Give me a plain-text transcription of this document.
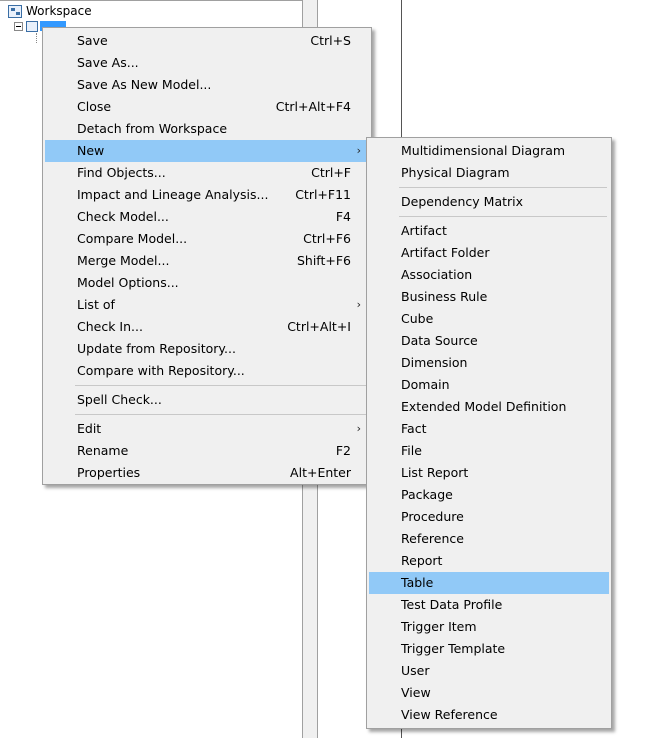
Workspace
Save	Ctrl+S
Save As...
Save As New Model...
Close	Ctrl+Alt+F4
Detach from Workspace
New	›
Find Objects...	Ctrl+F
Impact and Lineage Analysis... Ctrl+F11
Check Model...	F4
Compare Model...	Ctrl+F6
Merge Model...	Shift+F6
Model Options...
List of	›
Check In...	Ctrl+Alt+I
Update from Repository...
Compare with Repository...
Spell Check...
Edit	›
Rename	F2
Properties	Alt+Enter
Multidimensional Diagram
Physical Diagram
Dependency Matrix
Artifact
Artifact Folder
Association
Business Rule
Cube
Data Source
Dimension
Domain
Extended Model Definition
Fact
File
List Report
Package
Procedure
Reference
Report
Table
Test Data Profile
Trigger Item
Trigger Template
User
View
View Reference
